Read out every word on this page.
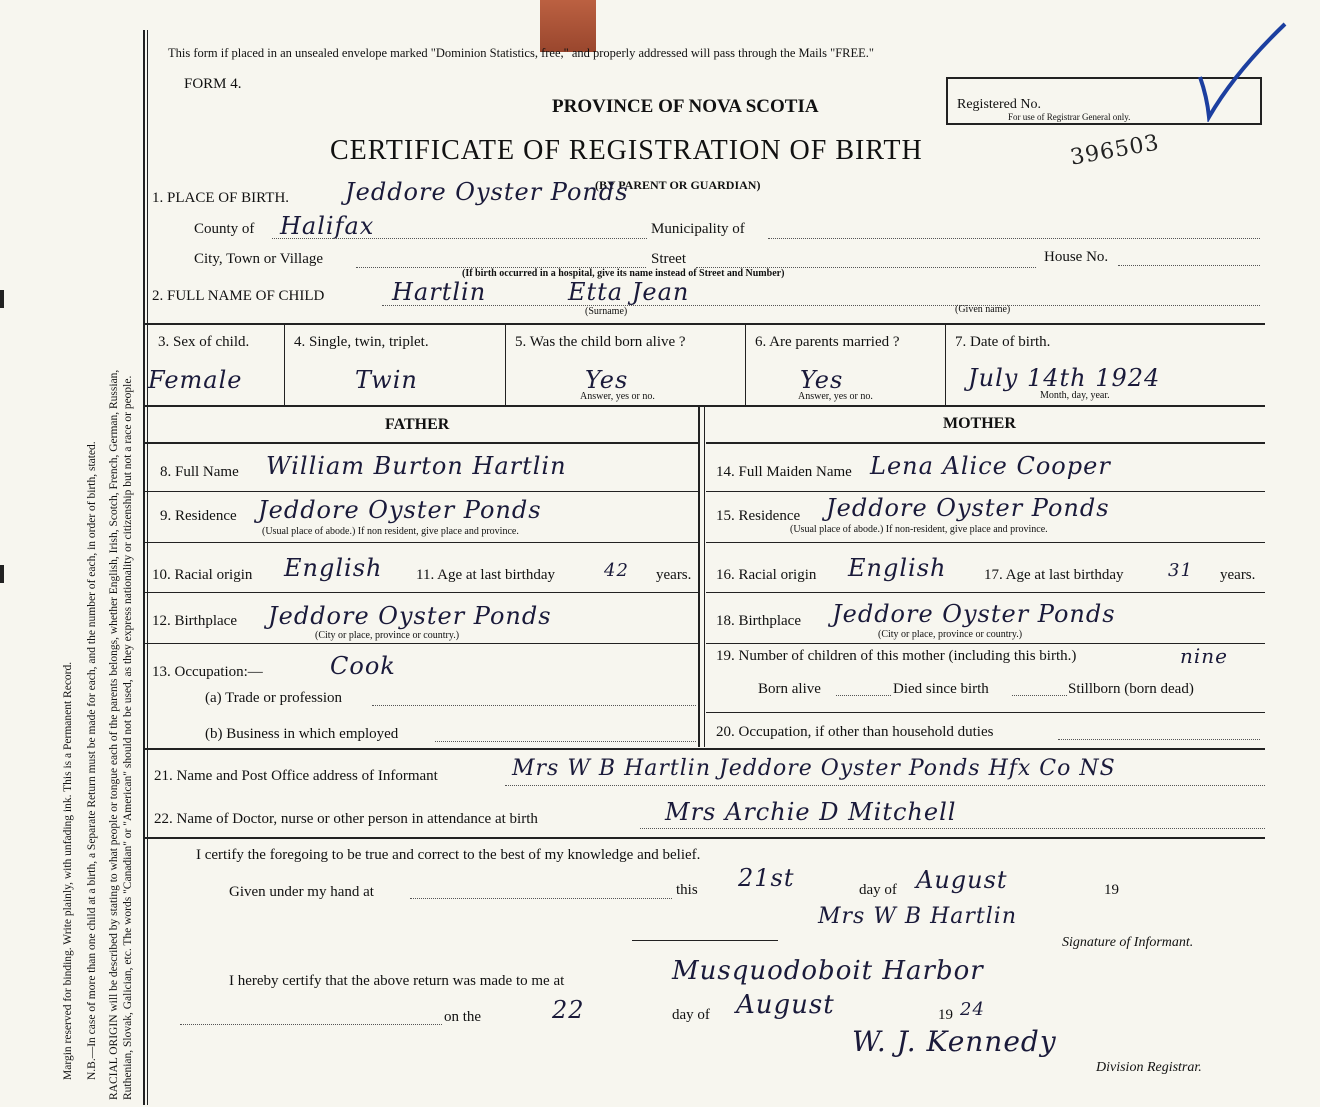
Margin reserved for binding. Write plainly, with unfading ink. This is a Permanent Record. N.B.—In case of more than one child at a birth, a Separate Return must be made for each, and the number of each, in order of birth, stated. RACIAL ORIGIN will be described by stating to what people or tongue each of the parents belongs, whether English, Irish, Scotch, French, German, Russian, Ruthenian, Slovak, Galician, etc. The words "Canadian" or "American" should not be used, as they express nationality or citizenship but not a race or people.
This form if placed in an unsealed envelope marked "Dominion Statistics, free," and properly addressed will pass through the Mails "FREE."
FORM 4.
PROVINCE OF NOVA SCOTIA
CERTIFICATE OF REGISTRATION OF BIRTH
(BY PARENT OR GUARDIAN)
Registered No.
For use of Registrar General only.
396503
1. PLACE OF BIRTH. Jeddore Oyster Ponds
County of Halifax	Municipality of
City, Town or Village	Street	House No.
(If birth occurred in a hospital, give its name instead of Street and Number)
2. FULL NAME OF CHILD	Hartlin	Etta Jean
(Surname)	(Given name)
3. Sex of child.
Female
4. Single, twin, triplet.
Twin
5. Was the child born alive ?
Yes
Answer, yes or no.
6. Are parents married ?
Yes
Answer, yes or no.
7. Date of birth.
July 14th 1924
Month, day, year.
FATHER	MOTHER
8. Full Name William Burton Hartlin
9. Residence Jeddore Oyster Ponds
(Usual place of abode.) If non resident, give place and province.
10. Racial origin English 11. Age at last birthday	42 years.
12. Birthplace Jeddore Oyster Ponds
(City or place, province or country.)
13. Occupation:—	Cook
(a) Trade or profession
(b) Business in which employed
14. Full Maiden Name Lena Alice Cooper
15. Residence Jeddore Oyster Ponds
(Usual place of abode.) If non-resident, give place and province.
16. Racial origin English	17. Age at last birthday 31 years.
18. Birthplace Jeddore Oyster Ponds
(City or place, province or country.)
19. Number of children of this mother (including this birth.)	nine
Born alive	Died since birth	Stillborn (born dead)
20. Occupation, if other than household duties
21. Name and Post Office address of Informant	Mrs W B Hartlin Jeddore Oyster Ponds Hfx Co NS
22. Name of Doctor, nurse or other person in attendance at birth	Mrs Archie D Mitchell
I certify the foregoing to be true and correct to the best of my knowledge and belief.
Given under my hand at	this 21st	day of August	19
Mrs W B Hartlin
Signature of Informant.
I hereby certify that the above return was made to me at	Musquodoboit Harbor
on the	22	day of August	19 24
W. J. Kennedy
Division Registrar.
